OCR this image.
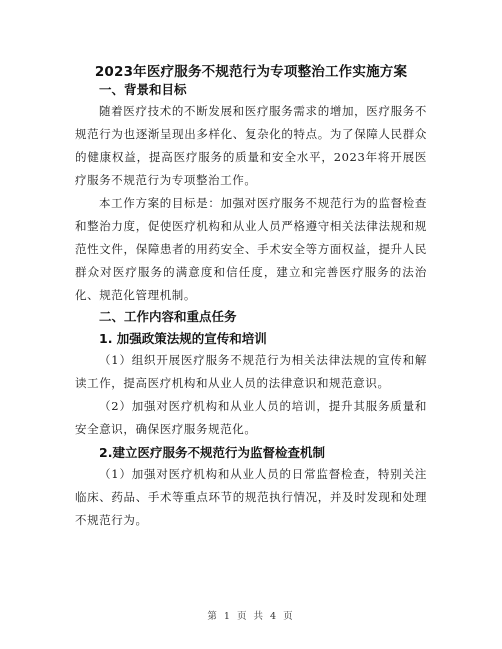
2023年医疗服务不规范行为专项整治工作实施方案

一、背景和目标

随着医疗技术的不断发展和医疗服务需求的增加，医疗服务不规范行为也逐渐呈现出多样化、复杂化的特点。为了保障人民群众的健康权益，提高医疗服务的质量和安全水平，2023年将开展医疗服务不规范行为专项整治工作。

本工作方案的目标是：加强对医疗服务不规范行为的监督检查和整治力度，促使医疗机构和从业人员严格遵守相关法律法规和规范性文件，保障患者的用药安全、手术安全等方面权益，提升人民群众对医疗服务的满意度和信任度，建立和完善医疗服务的法治化、规范化管理机制。

二、工作内容和重点任务

1. 加强政策法规的宣传和培训

（1）组织开展医疗服务不规范行为相关法律法规的宣传和解读工作，提高医疗机构和从业人员的法律意识和规范意识。

（2）加强对医疗机构和从业人员的培训，提升其服务质量和安全意识，确保医疗服务规范化。

2.建立医疗服务不规范行为监督检查机制

（1）加强对医疗机构和从业人员的日常监督检查，特别关注临床、药品、手术等重点环节的规范执行情况，并及时发现和处理不规范行为。

第 1 页 共 4 页
